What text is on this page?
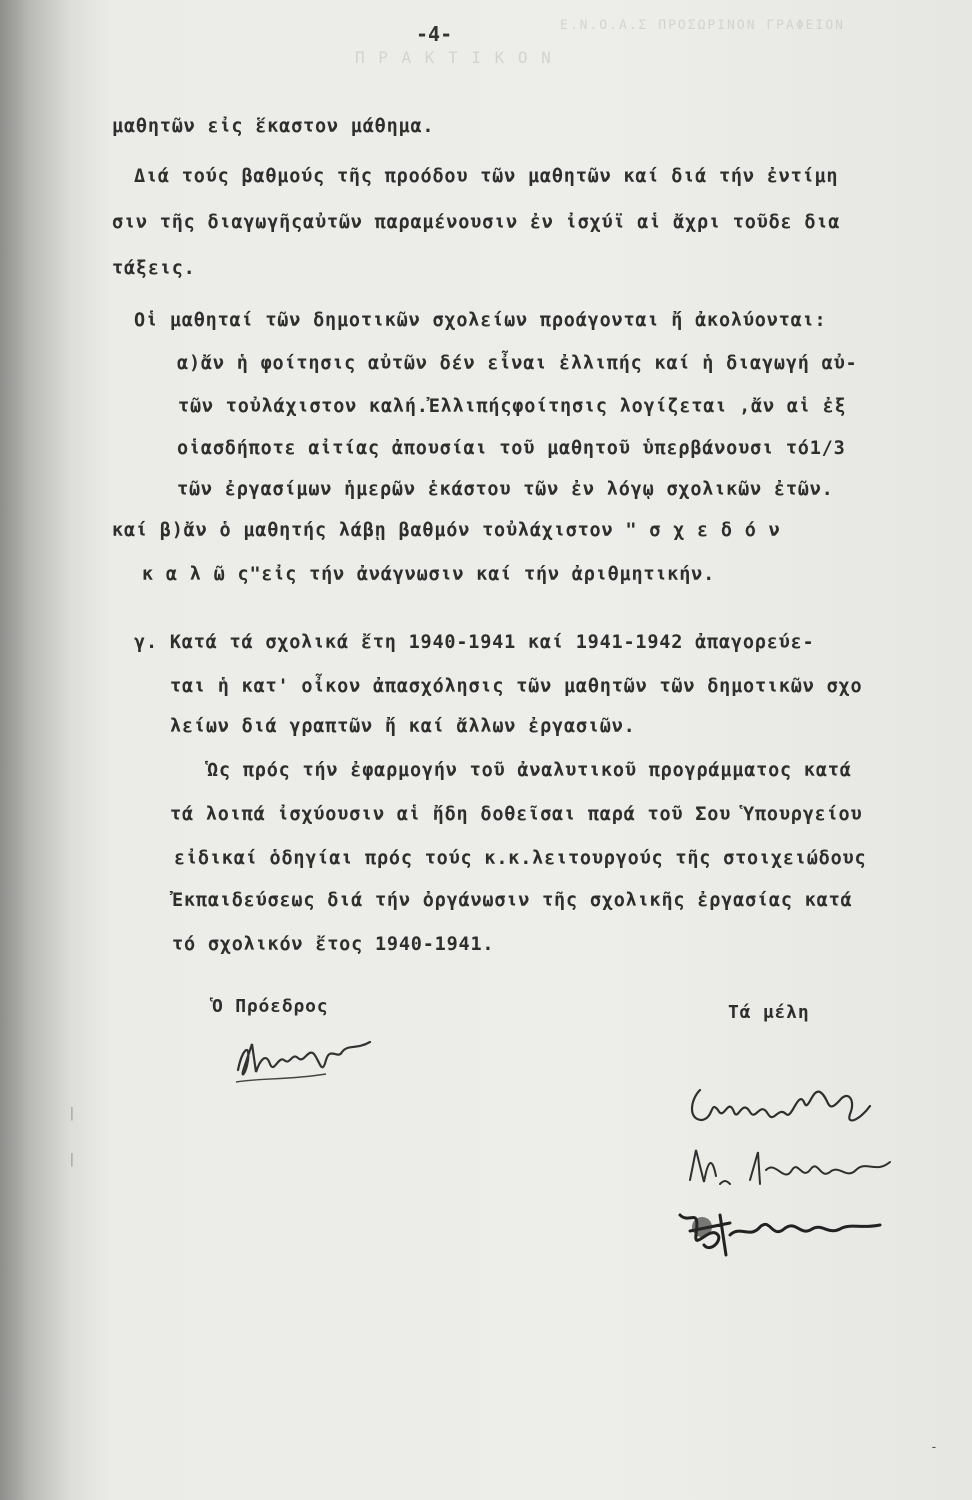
Π Ρ Α Κ Τ Ι Κ Ο Ν
Ε.Ν.Ο.Α.Σ ΠΡΟΣΩΡΙΝΟΝ ΓΡΑΦΕΙΟΝ
-4-
μαθητῶν εἰς ἕκαστον μάθημα.
Διά τούς βαθμούς τῆς προόδου τῶν μαθητῶν καί διά τήν ἐντίμη
σιν τῆς διαγωγῆςαὐτῶν παραμένουσιν ἐν ἰσχύϊ αἱ ἄχρι τοῦδε δια
τάξεις.
Οἱ μαθηταί τῶν δημοτικῶν σχολείων προάγονται ἤ ἀκολύονται:
α)ἄν ἡ φοίτησις αὐτῶν δέν εἶναι ἐλλιπής καί ἡ διαγωγή αὐ-
τῶν τοὐλάχιστον καλή.Ἐλλιπήςφοίτησις λογίζεται ,ἄν αἱ ἐξ
οἱασδήποτε αἰτίας ἀπουσίαι τοῦ μαθητοῦ ὑπερβάνουσι τό1/3
τῶν ἐργασίμων ἡμερῶν ἑκάστου τῶν ἐν λόγῳ σχολικῶν ἐτῶν.
καί β)ἄν ὁ μαθητής λάβῃ βαθμόν τοὐλάχιστον " σ χ ε δ ό ν
κ α λ ῶ ς"εἰς τήν ἀνάγνωσιν καί τήν ἀριθμητικήν.
γ. Κατά τά σχολικά ἔτη 1940-1941 καί 1941-1942 ἀπαγορεύε-
ται ἡ κατ' οἶκον ἀπασχόλησις τῶν μαθητῶν τῶν δημοτικῶν σχο
λείων διά γραπτῶν ἤ καί ἄλλων ἐργασιῶν.
Ὡς πρός τήν ἐφαρμογήν τοῦ ἀναλυτικοῦ προγράμματος κατά
τά λοιπά ἰσχύουσιν αἱ ἤδη δοθεῖσαι παρά τοῦ Σου Ὑπουργείου
εἰδικαί ὁδηγίαι πρός τούς κ.κ.λειτουργούς τῆς στοιχειώδους
Ἐκπαιδεύσεως διά τήν ὀργάνωσιν τῆς σχολικῆς ἐργασίας κατά
τό σχολικόν ἔτος 1940-1941.
Ὁ Πρόεδρος	Τά μέλη
|
|
-
